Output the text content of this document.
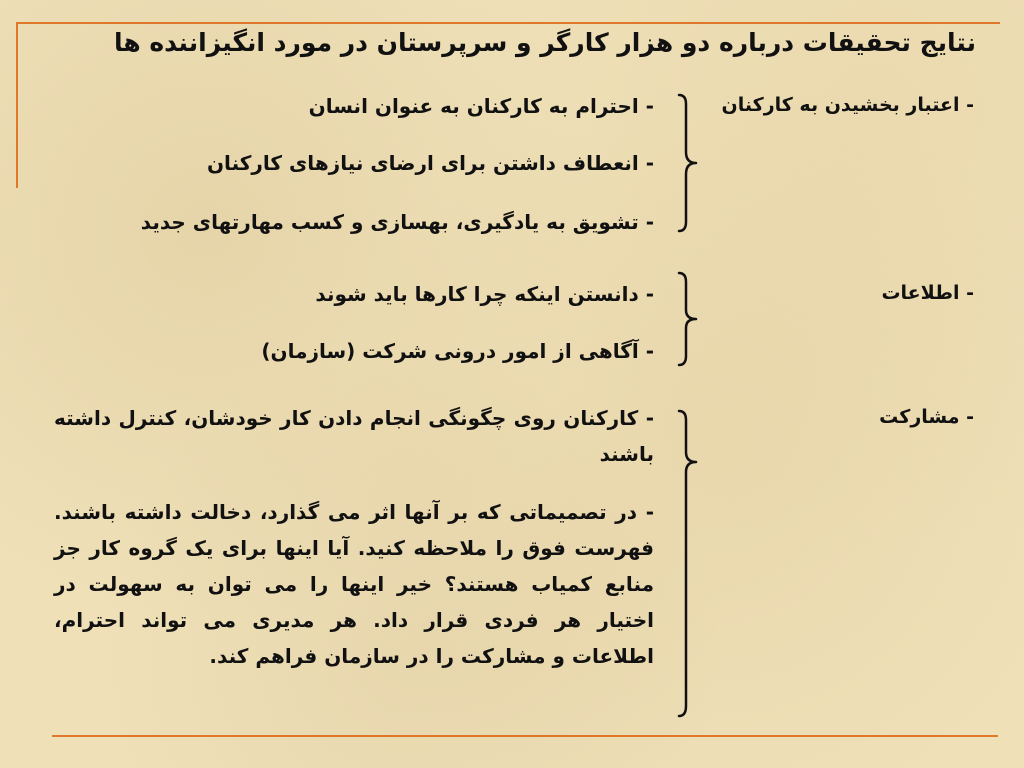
نتایج تحقیقات درباره دو هزار کارگر و سرپرستان در مورد انگیزاننده ها
- اعتبار بخشیدن به کارکنان
- احترام به کارکنان به عنوان انسان
- انعطاف داشتن برای ارضای نیازهای کارکنان
- تشویق به یادگیری، بهسازی و کسب مهارتهای جدید
- اطلاعات
- دانستن اینکه چرا کارها باید شوند
- آگاهی از امور درونی شرکت (سازمان)
- مشارکت
- کارکنان روی چگونگی انجام دادن کار خودشان، کنترل داشته باشند
- در تصمیماتی که بر آنها اثر می گذارد، دخالت داشته باشند. فهرست فوق را ملاحظه کنید. آیا اینها برای یک گروه کار جز منابع کمیاب هستند؟ خیر اینها را می توان به سهولت در اختیار هر فردی قرار داد. هر مدیری می تواند احترام، اطلاعات و مشارکت را در سازمان فراهم کند.
